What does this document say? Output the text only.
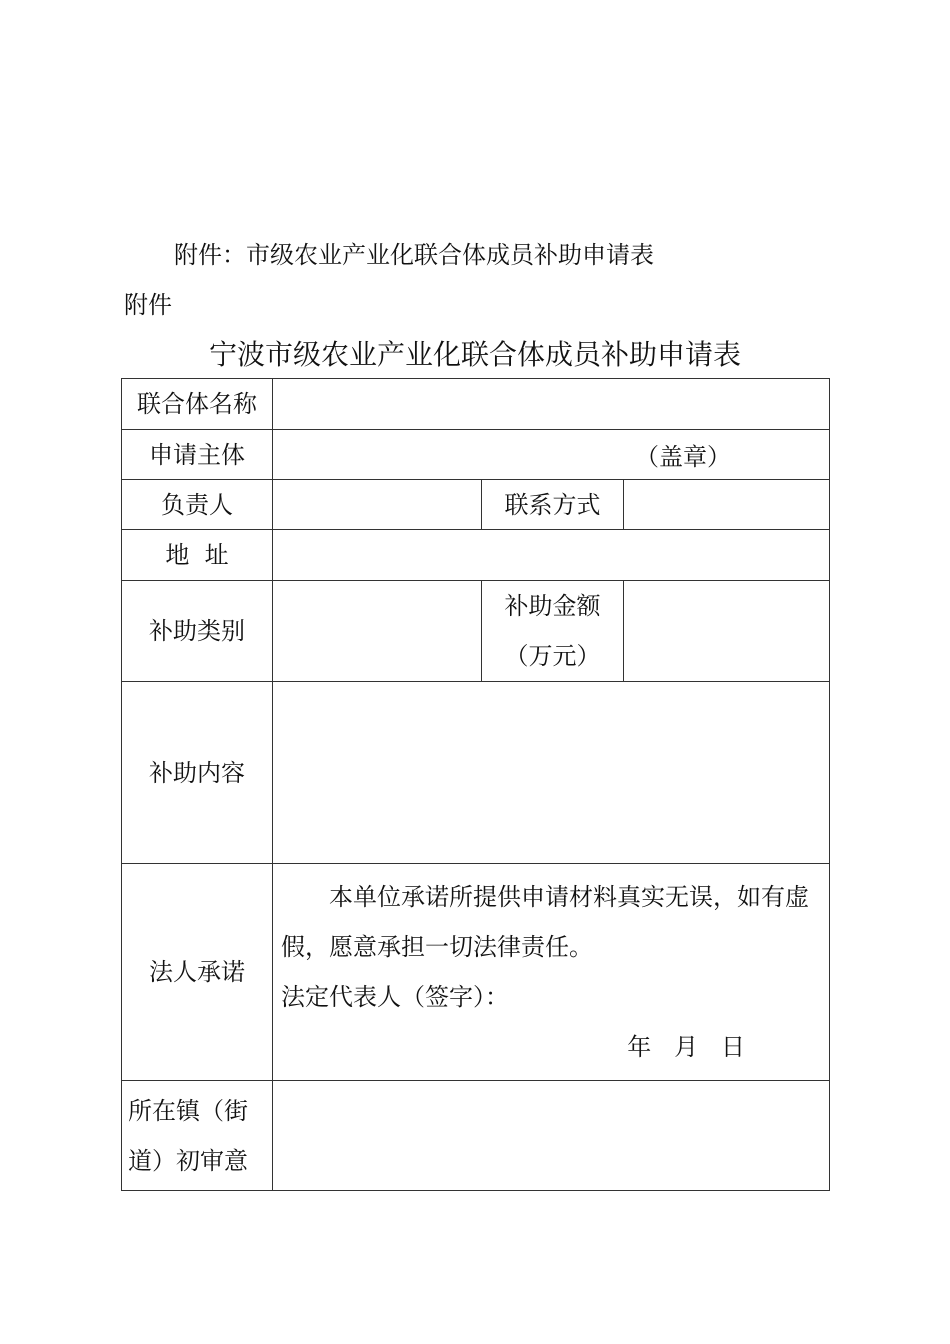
附件：市级农业产业化联合体成员补助申请表
附件
宁波市级农业产业化联合体成员补助申请表
联合体名称			
申请主体	（盖章）		
负责人		联系方式	
地  址			
补助类别		补助金额
（万元）	

补助内容			
法人承诺	本单位承诺所提供申请材料真实无误，如有虚假，愿意承担一切法律责任。

法定代表人（签字）：

年   月   日		

所在镇（街道）初审意			
